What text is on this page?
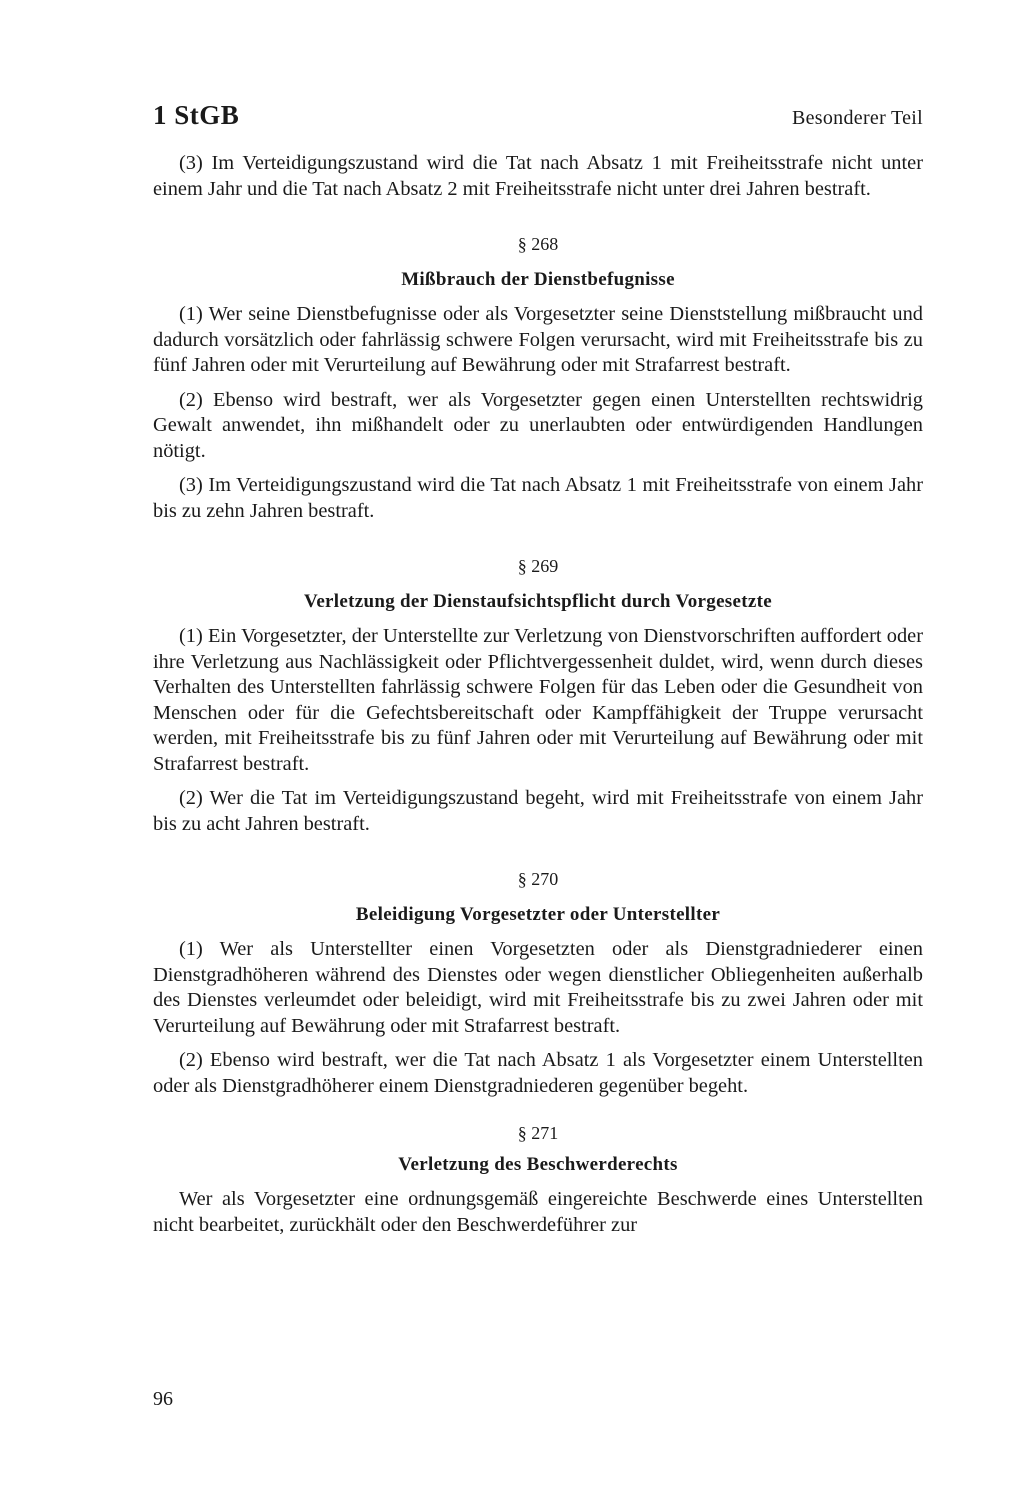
1 StGB	Besonderer Teil

(3) Im Verteidigungszustand wird die Tat nach Absatz 1 mit Freiheitsstrafe nicht unter einem Jahr und die Tat nach Absatz 2 mit Freiheitsstrafe nicht unter drei Jahren bestraft.

§ 268
Mißbrauch der Dienstbefugnisse

(1) Wer seine Dienstbefugnisse oder als Vorgesetzter seine Dienststellung mißbraucht und dadurch vorsätzlich oder fahrlässig schwere Folgen verursacht, wird mit Freiheitsstrafe bis zu fünf Jahren oder mit Verurteilung auf Bewährung oder mit Strafarrest bestraft.

(2) Ebenso wird bestraft, wer als Vorgesetzter gegen einen Unterstellten rechtswidrig Gewalt anwendet, ihn mißhandelt oder zu unerlaubten oder entwürdigenden Handlungen nötigt.

(3) Im Verteidigungszustand wird die Tat nach Absatz 1 mit Freiheitsstrafe von einem Jahr bis zu zehn Jahren bestraft.

§ 269
Verletzung der Dienstaufsichtspflicht durch Vorgesetzte

(1) Ein Vorgesetzter, der Unterstellte zur Verletzung von Dienstvorschriften auffordert oder ihre Verletzung aus Nachlässigkeit oder Pflichtvergessenheit duldet, wird, wenn durch dieses Verhalten des Unterstellten fahrlässig schwere Folgen für das Leben oder die Gesundheit von Menschen oder für die Gefechtsbereitschaft oder Kampffähigkeit der Truppe verursacht werden, mit Freiheitsstrafe bis zu fünf Jahren oder mit Verurteilung auf Bewährung oder mit Strafarrest bestraft.

(2) Wer die Tat im Verteidigungszustand begeht, wird mit Freiheitsstrafe von einem Jahr bis zu acht Jahren bestraft.

§ 270
Beleidigung Vorgesetzter oder Unterstellter

(1) Wer als Unterstellter einen Vorgesetzten oder als Dienstgradniederer einen Dienstgradhöheren während des Dienstes oder wegen dienstlicher Obliegenheiten außerhalb des Dienstes verleumdet oder beleidigt, wird mit Freiheitsstrafe bis zu zwei Jahren oder mit Verurteilung auf Bewährung oder mit Strafarrest bestraft.

(2) Ebenso wird bestraft, wer die Tat nach Absatz 1 als Vorgesetzter einem Unterstellten oder als Dienstgradhöherer einem Dienstgradniederen gegenüber begeht.

§ 271
Verletzung des Beschwerderechts

Wer als Vorgesetzter eine ordnungsgemäß eingereichte Beschwerde eines Unterstellten nicht bearbeitet, zurückhält oder den Beschwerdeführer zur

96
